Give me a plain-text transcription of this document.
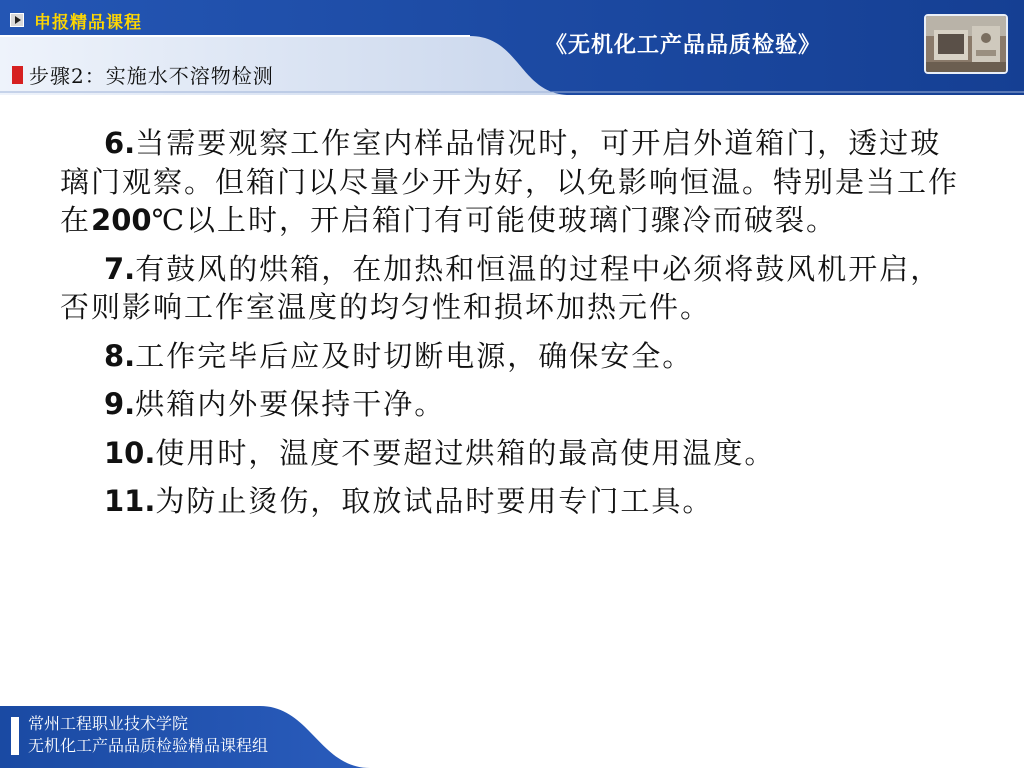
申报精品课程
《无机化工产品品质检验》
步骤2：实施水不溶物检测

6.当需要观察工作室内样品情况时，可开启外道箱门，透过玻璃门观察。但箱门以尽量少开为好，以免影响恒温。特别是当工作在200℃以上时，开启箱门有可能使玻璃门骤冷而破裂。

7.有鼓风的烘箱，在加热和恒温的过程中必须将鼓风机开启，否则影响工作室温度的均匀性和损坏加热元件。

8.工作完毕后应及时切断电源，确保安全。

9.烘箱内外要保持干净。

10.使用时，温度不要超过烘箱的最高使用温度。

11.为防止烫伤，取放试品时要用专门工具。

常州工程职业技术学院
无机化工产品品质检验精品课程组
